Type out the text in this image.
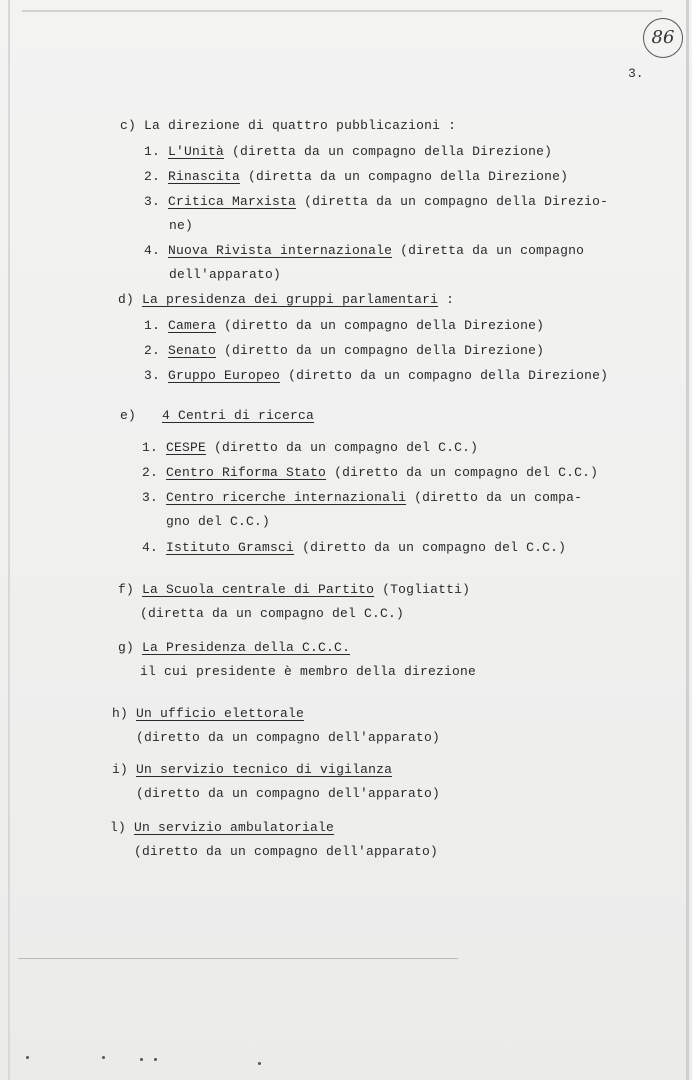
86
3.
c) La direzione di quattro pubblicazioni :
1. L'Unità (diretta da un compagno della Direzione)
2. Rinascita (diretta da un compagno della Direzione)
3. Critica Marxista (diretta da un compagno della Direzio-
ne)
4. Nuova Rivista internazionale (diretta da un compagno
dell'apparato)
d) La presidenza dei gruppi parlamentari :
1. Camera (diretto da un compagno della Direzione)
2. Senato (diretto da un compagno della Direzione)
3. Gruppo Europeo (diretto da un compagno della Direzione)
e) 4 Centri di ricerca
1. CESPE (diretto da un compagno del C.C.)
2. Centro Riforma Stato (diretto da un compagno del C.C.)
3. Centro ricerche internazionali (diretto da un compa-
gno del C.C.)
4. Istituto Gramsci (diretto da un compagno del C.C.)
f) La Scuola centrale di Partito (Togliatti)
(diretta da un compagno del C.C.)
g) La Presidenza della C.C.C.
il cui presidente è membro della direzione
h) Un ufficio elettorale
(diretto da un compagno dell'apparato)
i) Un servizio tecnico di vigilanza
(diretto da un compagno dell'apparato)
l) Un servizio ambulatoriale
(diretto da un compagno dell'apparato)
